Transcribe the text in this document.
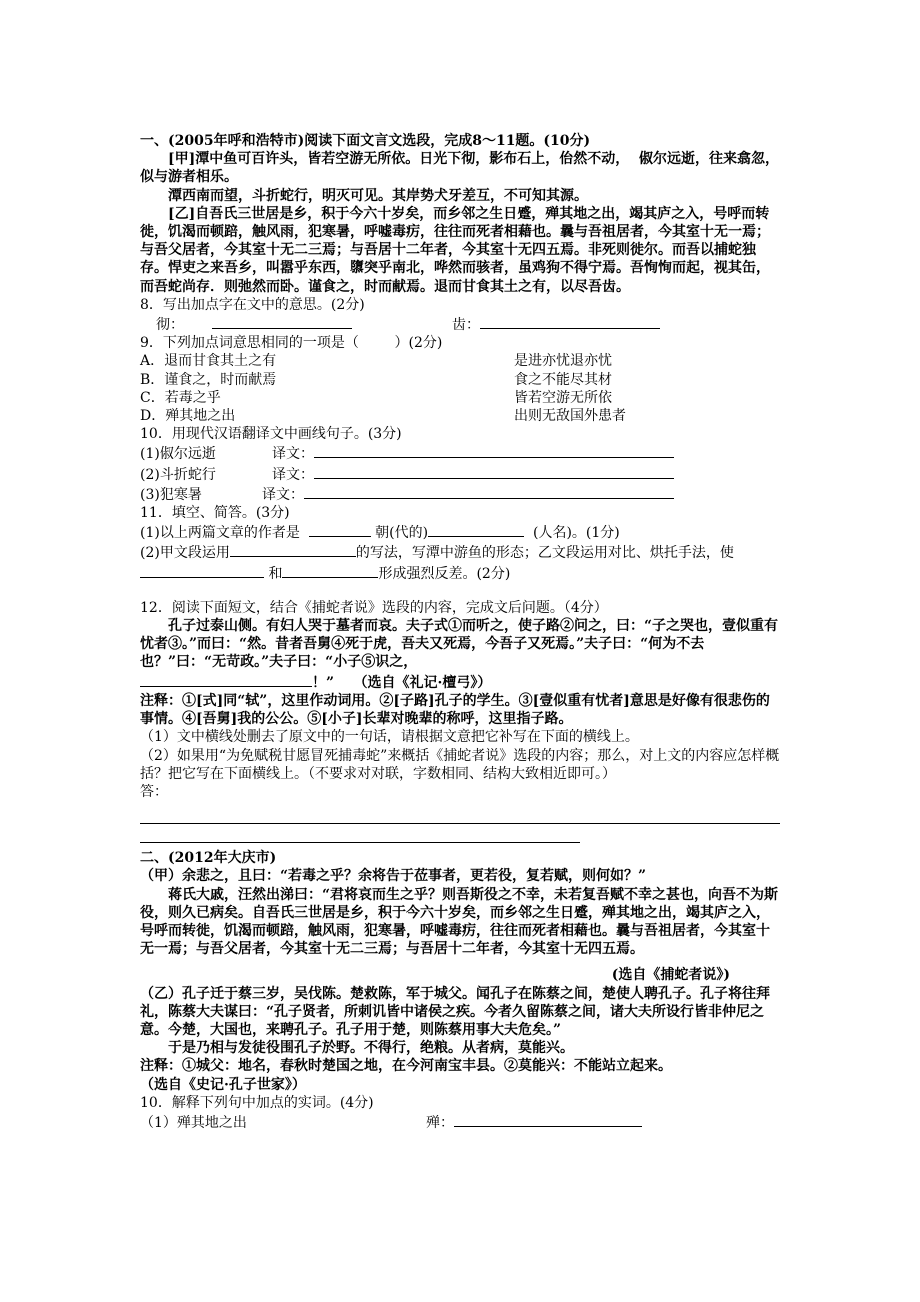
一、(2005年呼和浩特市)阅读下面文言文选段，完成8～11题。(10分)

[甲]潭中鱼可百许头，皆若空游无所依。日光下彻，影布石上，佁然不动，  俶尔远逝，往来翕忽，似与游者相乐。

潭西南而望，斗折蛇行，明灭可见。其岸势犬牙差互，不可知其源。

[乙]自吾氏三世居是乡，积于今六十岁矣，而乡邻之生日蹙，殚其地之出，竭其庐之入，号呼而转徙，饥渴而顿踣，触风雨，犯寒暑，呼嘘毒疠，往往而死者相藉也。曩与吾祖居者，今其室十无一焉；与吾父居者，今其室十无二三焉；与吾居十二年者，今其室十无四五焉。非死则徙尔。而吾以捕蛇独存。悍吏之来吾乡，叫嚣乎东西，隳突乎南北，哗然而骇者，虽鸡狗不得宁焉。吾恂恂而起，视其缶，而吾蛇尚存．则弛然而卧。谨食之，时而献焉。退而甘食其土之有，以尽吾齿。

8．写出加点字在文中的意思。(2分)

彻：	齿：

9．下列加点词意思相同的一项是（        ）(2分)

A．退而甘食其土之有	是进亦忧退亦忧
B．谨食之，时而献焉	食之不能尽其材
C．若毒之乎	皆若空游无所依
D．殚其地之出	出则无敌国外患者

10．用现代汉语翻译文中画线句子。(3分)

(1)俶尔远逝	译文：
(2)斗折蛇行	译文：
(3)犯寒暑	译文：

11．填空、简答。(3分)

(1)以上两篇文章的作者是	朝(代的)	(人名)。(1分)

(2)甲文段运用	的写法，写潭中游鱼的形态；乙文段运用对比、烘托手法，使 和	形成强烈反差。(2分)

12．阅读下面短文，结合《捕蛇者说》选段的内容，完成文后问题。（4分）

孔子过泰山侧。有妇人哭于墓者而哀。夫子式①而听之，使子路②问之，曰：“子之哭也，壹似重有忧者③。”而曰：“然。昔者吾舅④死于虎，吾夫又死焉，今吾子又死焉。”夫子曰：“何为不去也？”曰：“无苛政。”夫子曰：“小子⑤识之，

！”    （选自《礼记·檀弓》）

注释：①[式]同“轼”，这里作动词用。②[子路]孔子的学生。③[壹似重有忧者]意思是好像有很悲伤的事情。④[吾舅]我的公公。⑤[小子]长辈对晚辈的称呼，这里指子路。

（1）文中横线处删去了原文中的一句话，请根据文意把它补写在下面的横线上。

（2）如果用“为免赋税甘愿冒死捕毒蛇”来概括《捕蛇者说》选段的内容；那么，对上文的内容应怎样概括？把它写在下面横线上。（不要求对对联，字数相同、结构大致相近即可。）

答：

二、(2012年大庆市)

（甲）余悲之，且曰：“若毒之乎？余将告于莅事者，更若役，复若赋，则何如？”

蒋氏大戚，汪然出涕曰：“君将哀而生之乎？则吾斯役之不幸，未若复吾赋不幸之甚也，向吾不为斯役，则久已病矣。自吾氏三世居是乡，积于今六十岁矣，而乡邻之生日蹙，殚其地之出，竭其庐之入，号呼而转徙，饥渴而顿踣，触风雨，犯寒暑，呼嘘毒疠，往往而死者相藉也。曩与吾祖居者，今其室十无一焉；与吾父居者，今其室十无二三焉；与吾居十二年者，今其室十无四五焉。

(选自《捕蛇者说》)

（乙）孔子迁于蔡三岁，吴伐陈。楚救陈，军于城父。闻孔子在陈蔡之间，楚使人聘孔子。孔子将往拜礼，陈蔡大夫谋曰：“孔子贤者，所刺讥皆中诸侯之疾。今者久留陈蔡之间，诸大夫所设行皆非仲尼之意。今楚，大国也，来聘孔子。孔子用于楚，则陈蔡用事大夫危矣。”

于是乃相与发徒役围孔子於野。不得行，绝粮。从者病，莫能兴。

注释：①城父：地名，春秋时楚国之地，在今河南宝丰县。②莫能兴：不能站立起来。

（选自《史记·孔子世家》）

10．解释下列句中加点的实词。(4分)

（1）殚其地之出	殚：
